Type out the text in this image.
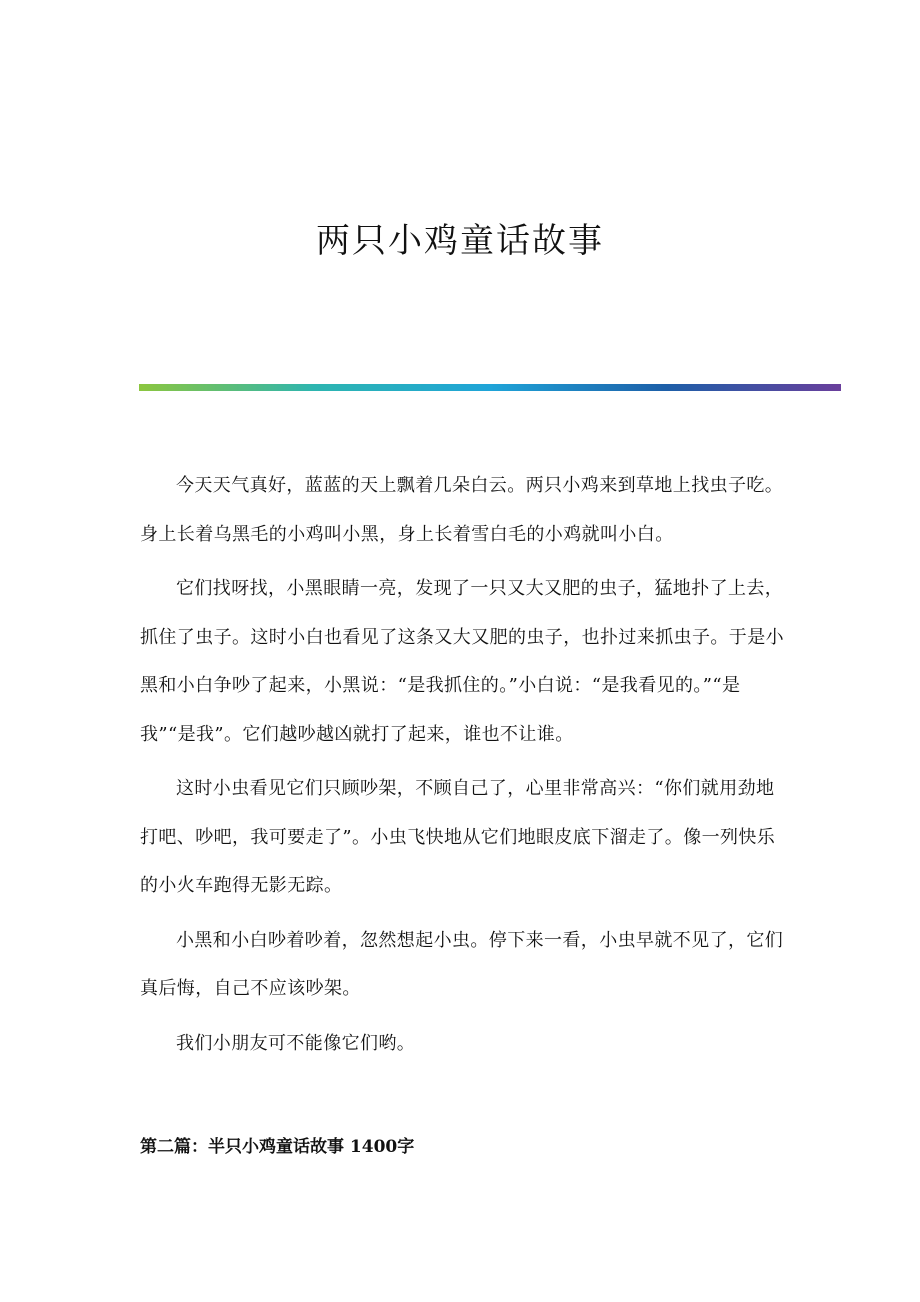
两只小鸡童话故事

今天天气真好，蓝蓝的天上飘着几朵白云。两只小鸡来到草地上找虫子吃。身上长着乌黑毛的小鸡叫小黑，身上长着雪白毛的小鸡就叫小白。

它们找呀找，小黑眼睛一亮，发现了一只又大又肥的虫子，猛地扑了上去，抓住了虫子。这时小白也看见了这条又大又肥的虫子，也扑过来抓虫子。于是小黑和小白争吵了起来，小黑说：“是我抓住的。”小白说：“是我看见的。”“是我”“是我”。它们越吵越凶就打了起来，谁也不让谁。

这时小虫看见它们只顾吵架，不顾自己了，心里非常高兴：“你们就用劲地打吧、吵吧，我可要走了”。小虫飞快地从它们地眼皮底下溜走了。像一列快乐的小火车跑得无影无踪。

小黑和小白吵着吵着，忽然想起小虫。停下来一看，小虫早就不见了，它们真后悔，自己不应该吵架。

我们小朋友可不能像它们哟。

第二篇：半只小鸡童话故事 1400字
